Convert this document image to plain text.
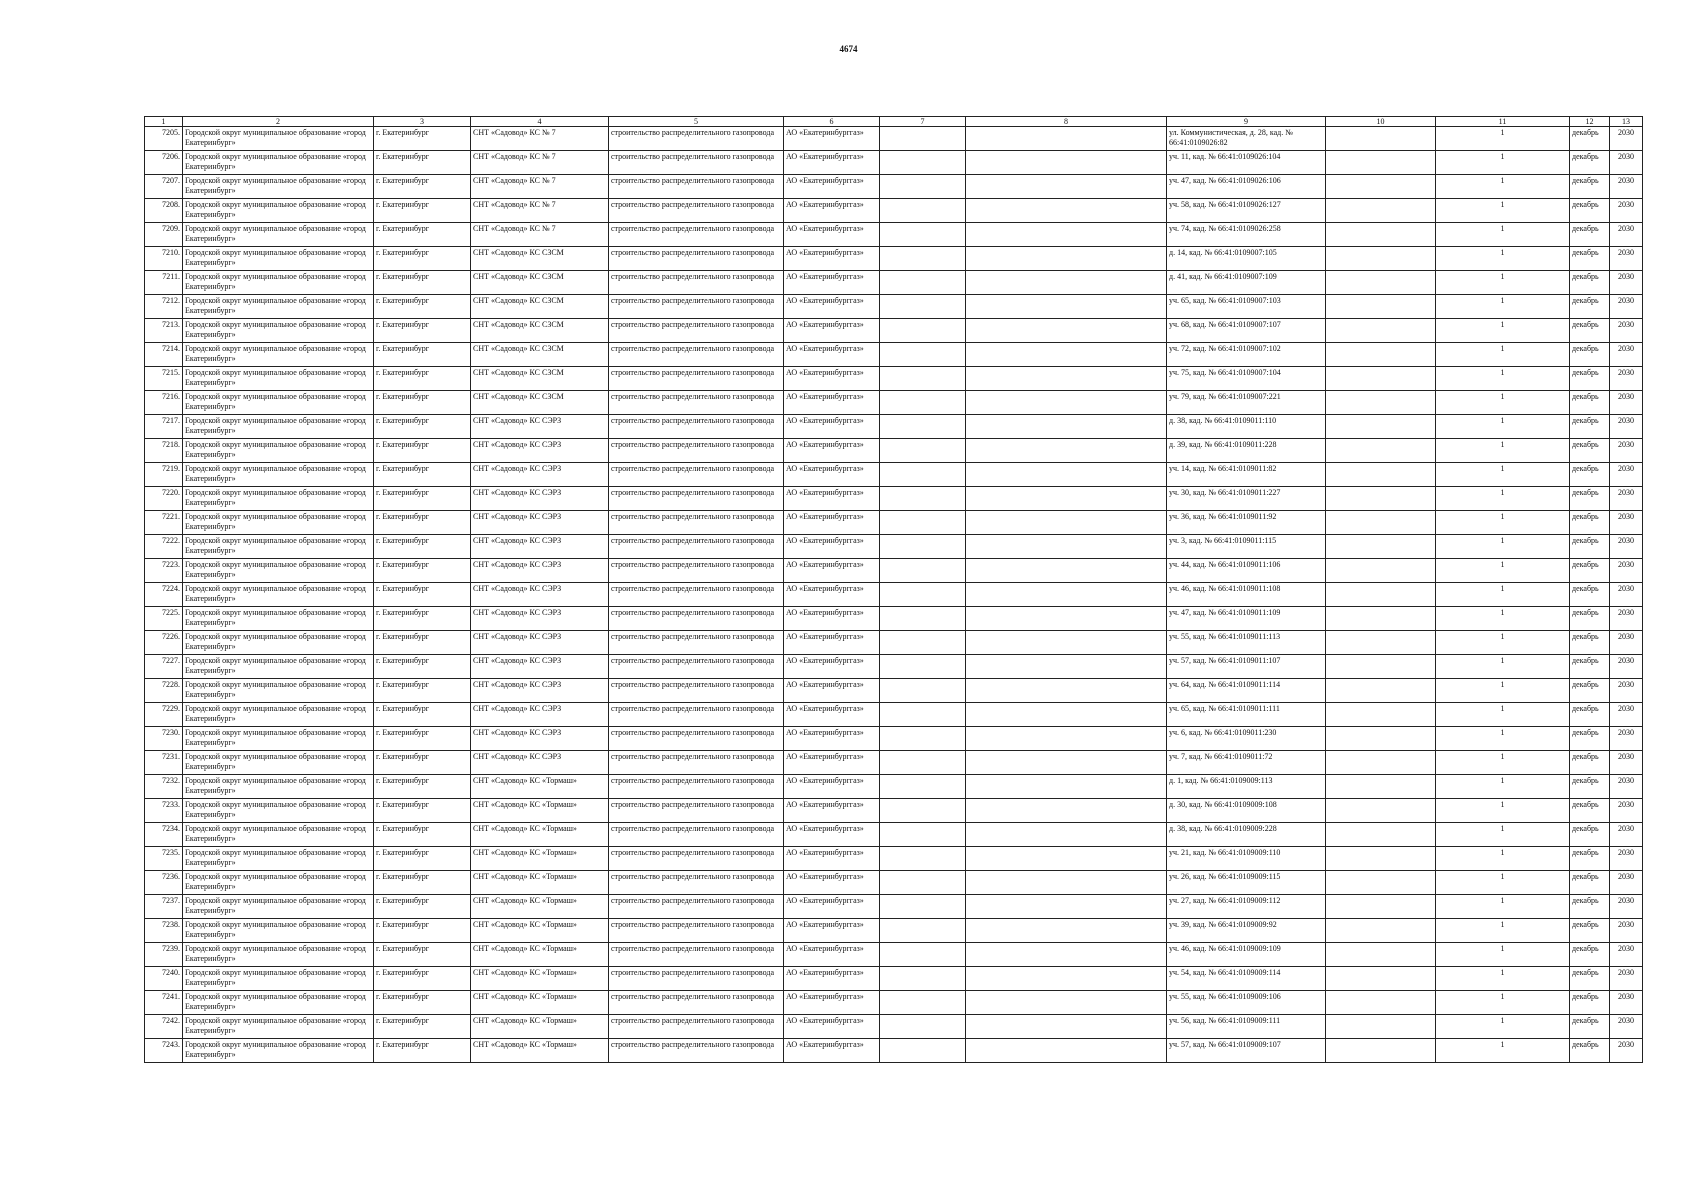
4674
1	2	3	4	5	6	7	8	9	10	11	12	13
7205.	Городской округ муниципальное образование «город Екатеринбург»	г. Екатеринбург	СНТ «Садовод» КС № 7	строительство распределительного газопровода	АО «Екатеринбурггаз»			ул. Коммунистическая, д. 28, кад. № 66:41:0109026:82		1	декабрь	2030
7206.	Городской округ муниципальное образование «город Екатеринбург»	г. Екатеринбург	СНТ «Садовод» КС № 7	строительство распределительного газопровода	АО «Екатеринбурггаз»			уч. 11, кад. № 66:41:0109026:104		1	декабрь	2030
7207.	Городской округ муниципальное образование «город Екатеринбург»	г. Екатеринбург	СНТ «Садовод» КС № 7	строительство распределительного газопровода	АО «Екатеринбурггаз»			уч. 47, кад. № 66:41:0109026:106		1	декабрь	2030
7208.	Городской округ муниципальное образование «город Екатеринбург»	г. Екатеринбург	СНТ «Садовод» КС № 7	строительство распределительного газопровода	АО «Екатеринбурггаз»			уч. 58, кад. № 66:41:0109026:127		1	декабрь	2030
7209.	Городской округ муниципальное образование «город Екатеринбург»	г. Екатеринбург	СНТ «Садовод» КС № 7	строительство распределительного газопровода	АО «Екатеринбурггаз»			уч. 74, кад. № 66:41:0109026:258		1	декабрь	2030
7210.	Городской округ муниципальное образование «город Екатеринбург»	г. Екатеринбург	СНТ «Садовод» КС СЗСМ	строительство распределительного газопровода	АО «Екатеринбурггаз»			д. 14, кад. № 66:41:0109007:105		1	декабрь	2030
7211.	Городской округ муниципальное образование «город Екатеринбург»	г. Екатеринбург	СНТ «Садовод» КС СЗСМ	строительство распределительного газопровода	АО «Екатеринбурггаз»			д. 41, кад. № 66:41:0109007:109		1	декабрь	2030
7212.	Городской округ муниципальное образование «город Екатеринбург»	г. Екатеринбург	СНТ «Садовод» КС СЗСМ	строительство распределительного газопровода	АО «Екатеринбурггаз»			уч. 65, кад. № 66:41:0109007:103		1	декабрь	2030
7213.	Городской округ муниципальное образование «город Екатеринбург»	г. Екатеринбург	СНТ «Садовод» КС СЗСМ	строительство распределительного газопровода	АО «Екатеринбурггаз»			уч. 68, кад. № 66:41:0109007:107		1	декабрь	2030
7214.	Городской округ муниципальное образование «город Екатеринбург»	г. Екатеринбург	СНТ «Садовод» КС СЗСМ	строительство распределительного газопровода	АО «Екатеринбурггаз»			уч. 72, кад. № 66:41:0109007:102		1	декабрь	2030
7215.	Городской округ муниципальное образование «город Екатеринбург»	г. Екатеринбург	СНТ «Садовод» КС СЗСМ	строительство распределительного газопровода	АО «Екатеринбурггаз»			уч. 75, кад. № 66:41:0109007:104		1	декабрь	2030
7216.	Городской округ муниципальное образование «город Екатеринбург»	г. Екатеринбург	СНТ «Садовод» КС СЗСМ	строительство распределительного газопровода	АО «Екатеринбурггаз»			уч. 79, кад. № 66:41:0109007:221		1	декабрь	2030
7217.	Городской округ муниципальное образование «город Екатеринбург»	г. Екатеринбург	СНТ «Садовод» КС СЭРЗ	строительство распределительного газопровода	АО «Екатеринбурггаз»			д. 38, кад. № 66:41:0109011:110		1	декабрь	2030
7218.	Городской округ муниципальное образование «город Екатеринбург»	г. Екатеринбург	СНТ «Садовод» КС СЭРЗ	строительство распределительного газопровода	АО «Екатеринбурггаз»			д. 39, кад. № 66:41:0109011:228		1	декабрь	2030
7219.	Городской округ муниципальное образование «город Екатеринбург»	г. Екатеринбург	СНТ «Садовод» КС СЭРЗ	строительство распределительного газопровода	АО «Екатеринбурггаз»			уч. 14, кад. № 66:41:0109011:82		1	декабрь	2030
7220.	Городской округ муниципальное образование «город Екатеринбург»	г. Екатеринбург	СНТ «Садовод» КС СЭРЗ	строительство распределительного газопровода	АО «Екатеринбурггаз»			уч. 30, кад. № 66:41:0109011:227		1	декабрь	2030
7221.	Городской округ муниципальное образование «город Екатеринбург»	г. Екатеринбург	СНТ «Садовод» КС СЭРЗ	строительство распределительного газопровода	АО «Екатеринбурггаз»			уч. 36, кад. № 66:41:0109011:92		1	декабрь	2030
7222.	Городской округ муниципальное образование «город Екатеринбург»	г. Екатеринбург	СНТ «Садовод» КС СЭРЗ	строительство распределительного газопровода	АО «Екатеринбурггаз»			уч. 3, кад. № 66:41:0109011:115		1	декабрь	2030
7223.	Городской округ муниципальное образование «город Екатеринбург»	г. Екатеринбург	СНТ «Садовод» КС СЭРЗ	строительство распределительного газопровода	АО «Екатеринбурггаз»			уч. 44, кад. № 66:41:0109011:106		1	декабрь	2030
7224.	Городской округ муниципальное образование «город Екатеринбург»	г. Екатеринбург	СНТ «Садовод» КС СЭРЗ	строительство распределительного газопровода	АО «Екатеринбурггаз»			уч. 46, кад. № 66:41:0109011:108		1	декабрь	2030
7225.	Городской округ муниципальное образование «город Екатеринбург»	г. Екатеринбург	СНТ «Садовод» КС СЭРЗ	строительство распределительного газопровода	АО «Екатеринбурггаз»			уч. 47, кад. № 66:41:0109011:109		1	декабрь	2030
7226.	Городской округ муниципальное образование «город Екатеринбург»	г. Екатеринбург	СНТ «Садовод» КС СЭРЗ	строительство распределительного газопровода	АО «Екатеринбурггаз»			уч. 55, кад. № 66:41:0109011:113		1	декабрь	2030
7227.	Городской округ муниципальное образование «город Екатеринбург»	г. Екатеринбург	СНТ «Садовод» КС СЭРЗ	строительство распределительного газопровода	АО «Екатеринбурггаз»			уч. 57, кад. № 66:41:0109011:107		1	декабрь	2030
7228.	Городской округ муниципальное образование «город Екатеринбург»	г. Екатеринбург	СНТ «Садовод» КС СЭРЗ	строительство распределительного газопровода	АО «Екатеринбурггаз»			уч. 64, кад. № 66:41:0109011:114		1	декабрь	2030
7229.	Городской округ муниципальное образование «город Екатеринбург»	г. Екатеринбург	СНТ «Садовод» КС СЭРЗ	строительство распределительного газопровода	АО «Екатеринбурггаз»			уч. 65, кад. № 66:41:0109011:111		1	декабрь	2030
7230.	Городской округ муниципальное образование «город Екатеринбург»	г. Екатеринбург	СНТ «Садовод» КС СЭРЗ	строительство распределительного газопровода	АО «Екатеринбурггаз»			уч. 6, кад. № 66:41:0109011:230		1	декабрь	2030
7231.	Городской округ муниципальное образование «город Екатеринбург»	г. Екатеринбург	СНТ «Садовод» КС СЭРЗ	строительство распределительного газопровода	АО «Екатеринбурггаз»			уч. 7, кад. № 66:41:0109011:72		1	декабрь	2030
7232.	Городской округ муниципальное образование «город Екатеринбург»	г. Екатеринбург	СНТ «Садовод» КС «Тормаш»	строительство распределительного газопровода	АО «Екатеринбурггаз»			д. 1, кад. № 66:41:0109009:113		1	декабрь	2030
7233.	Городской округ муниципальное образование «город Екатеринбург»	г. Екатеринбург	СНТ «Садовод» КС «Тормаш»	строительство распределительного газопровода	АО «Екатеринбурггаз»			д. 30, кад. № 66:41:0109009:108		1	декабрь	2030
7234.	Городской округ муниципальное образование «город Екатеринбург»	г. Екатеринбург	СНТ «Садовод» КС «Тормаш»	строительство распределительного газопровода	АО «Екатеринбурггаз»			д. 38, кад. № 66:41:0109009:228		1	декабрь	2030
7235.	Городской округ муниципальное образование «город Екатеринбург»	г. Екатеринбург	СНТ «Садовод» КС «Тормаш»	строительство распределительного газопровода	АО «Екатеринбурггаз»			уч. 21, кад. № 66:41:0109009:110		1	декабрь	2030
7236.	Городской округ муниципальное образование «город Екатеринбург»	г. Екатеринбург	СНТ «Садовод» КС «Тормаш»	строительство распределительного газопровода	АО «Екатеринбурггаз»			уч. 26, кад. № 66:41:0109009:115		1	декабрь	2030
7237.	Городской округ муниципальное образование «город Екатеринбург»	г. Екатеринбург	СНТ «Садовод» КС «Тормаш»	строительство распределительного газопровода	АО «Екатеринбурггаз»			уч. 27, кад. № 66:41:0109009:112		1	декабрь	2030
7238.	Городской округ муниципальное образование «город Екатеринбург»	г. Екатеринбург	СНТ «Садовод» КС «Тормаш»	строительство распределительного газопровода	АО «Екатеринбурггаз»			уч. 39, кад. № 66:41:0109009:92		1	декабрь	2030
7239.	Городской округ муниципальное образование «город Екатеринбург»	г. Екатеринбург	СНТ «Садовод» КС «Тормаш»	строительство распределительного газопровода	АО «Екатеринбурггаз»			уч. 46, кад. № 66:41:0109009:109		1	декабрь	2030
7240.	Городской округ муниципальное образование «город Екатеринбург»	г. Екатеринбург	СНТ «Садовод» КС «Тормаш»	строительство распределительного газопровода	АО «Екатеринбурггаз»			уч. 54, кад. № 66:41:0109009:114		1	декабрь	2030
7241.	Городской округ муниципальное образование «город Екатеринбург»	г. Екатеринбург	СНТ «Садовод» КС «Тормаш»	строительство распределительного газопровода	АО «Екатеринбурггаз»			уч. 55, кад. № 66:41:0109009:106		1	декабрь	2030
7242.	Городской округ муниципальное образование «город Екатеринбург»	г. Екатеринбург	СНТ «Садовод» КС «Тормаш»	строительство распределительного газопровода	АО «Екатеринбурггаз»			уч. 56, кад. № 66:41:0109009:111		1	декабрь	2030
7243.	Городской округ муниципальное образование «город Екатеринбург»	г. Екатеринбург	СНТ «Садовод» КС «Тормаш»	строительство распределительного газопровода	АО «Екатеринбурггаз»			уч. 57, кад. № 66:41:0109009:107		1	декабрь	2030
